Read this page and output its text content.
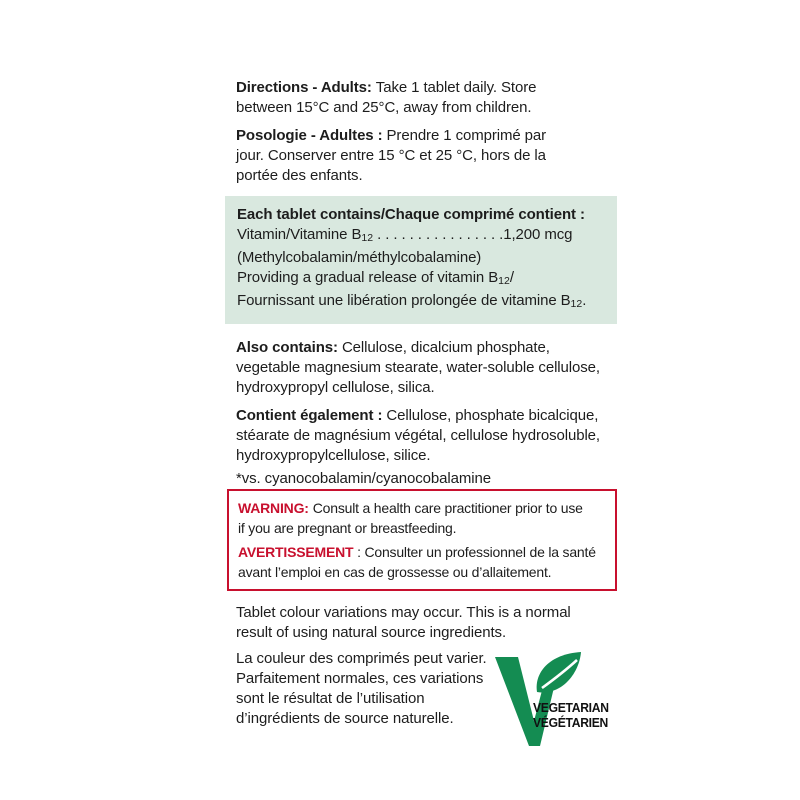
Directions - Adults: Take 1 tablet daily. Store
between 15°C and 25°C, away from children.

Posologie - Adultes : Prendre 1 comprimé par
jour. Conserver entre 15 °C et 25 °C, hors de la
portée des enfants.

Each tablet contains/Chaque comprimé contient :
Vitamin/Vitamine B12 . . . . . . . . . . . . . . . .1,200 mcg
(Methylcobalamin/méthylcobalamine)
Providing a gradual release of vitamin B12/
Fournissant une libération prolongée de vitamine B12.

Also contains: Cellulose, dicalcium phosphate,
vegetable magnesium stearate, water-soluble cellulose,
hydroxypropyl cellulose, silica.

Contient également : Cellulose, phosphate bicalcique,
stéarate de magnésium végétal, cellulose hydrosoluble,
hydroxypropylcellulose, silice.

*vs. cyanocobalamin/cyanocobalamine

WARNING: Consult a health care practitioner prior to use
if you are pregnant or breastfeeding.

AVERTISSEMENT : Consulter un professionnel de la santé
avant l’emploi en cas de grossesse ou d’allaitement.

Tablet colour variations may occur. This is a normal
result of using natural source ingredients.

La couleur des comprimés peut varier.
Parfaitement normales, ces variations
sont le résultat de l’utilisation
d’ingrédients de source naturelle.

VEGETARIAN
VÉGÉTARIEN
